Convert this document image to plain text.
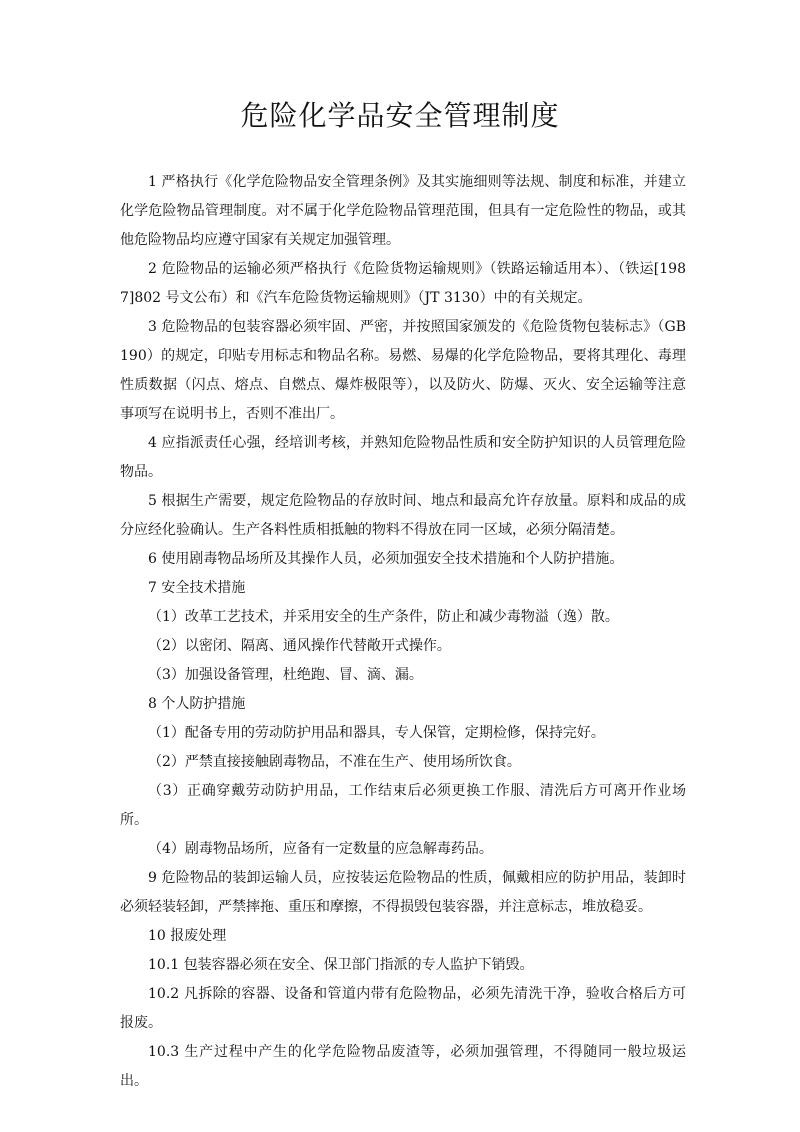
危险化学品安全管理制度

1 严格执行《化学危险物品安全管理条例》及其实施细则等法规、制度和标准，并建立化学危险物品管理制度。对不属于化学危险物品管理范围，但具有一定危险性的物品，或其他危险物品均应遵守国家有关规定加强管理。

2 危险物品的运输必须严格执行《危险货物运输规则》（铁路运输适用本）、（铁运[1987]802 号文公布）和《汽车危险货物运输规则》（JT 3130）中的有关规定。

3 危险物品的包装容器必须牢固、严密，并按照国家颁发的《危险货物包装标志》（GB 190）的规定，印贴专用标志和物品名称。易燃、易爆的化学危险物品，要将其理化、毒理性质数据（闪点、熔点、自燃点、爆炸极限等），以及防火、防爆、灭火、安全运输等注意事项写在说明书上，否则不准出厂。

4 应指派责任心强，经培训考核，并熟知危险物品性质和安全防护知识的人员管理危险物品。

5 根据生产需要，规定危险物品的存放时间、地点和最高允许存放量。原料和成品的成分应经化验确认。生产各料性质相抵触的物料不得放在同一区域，必须分隔清楚。

6 使用剧毒物品场所及其操作人员，必须加强安全技术措施和个人防护措施。

7 安全技术措施

（1）改革工艺技术，并采用安全的生产条件，防止和减少毒物溢（逸）散。

（2）以密闭、隔离、通风操作代替敞开式操作。

（3）加强设备管理，杜绝跑、冒、滴、漏。

8 个人防护措施

（1）配备专用的劳动防护用品和器具，专人保管，定期检修，保持完好。

（2）严禁直接接触剧毒物品，不准在生产、使用场所饮食。

（3）正确穿戴劳动防护用品，工作结束后必须更换工作服、清洗后方可离开作业场所。

（4）剧毒物品场所，应备有一定数量的应急解毒药品。

9 危险物品的装卸运输人员，应按装运危险物品的性质，佩戴相应的防护用品，装卸时必须轻装轻卸，严禁摔拖、重压和摩擦，不得损毁包装容器，并注意标志，堆放稳妥。

10 报废处理

10.1 包装容器必须在安全、保卫部门指派的专人监护下销毁。

10.2 凡拆除的容器、设备和管道内带有危险物品，必须先清洗干净，验收合格后方可报废。

10.3 生产过程中产生的化学危险物品废渣等，必须加强管理，不得随同一般垃圾运出。
